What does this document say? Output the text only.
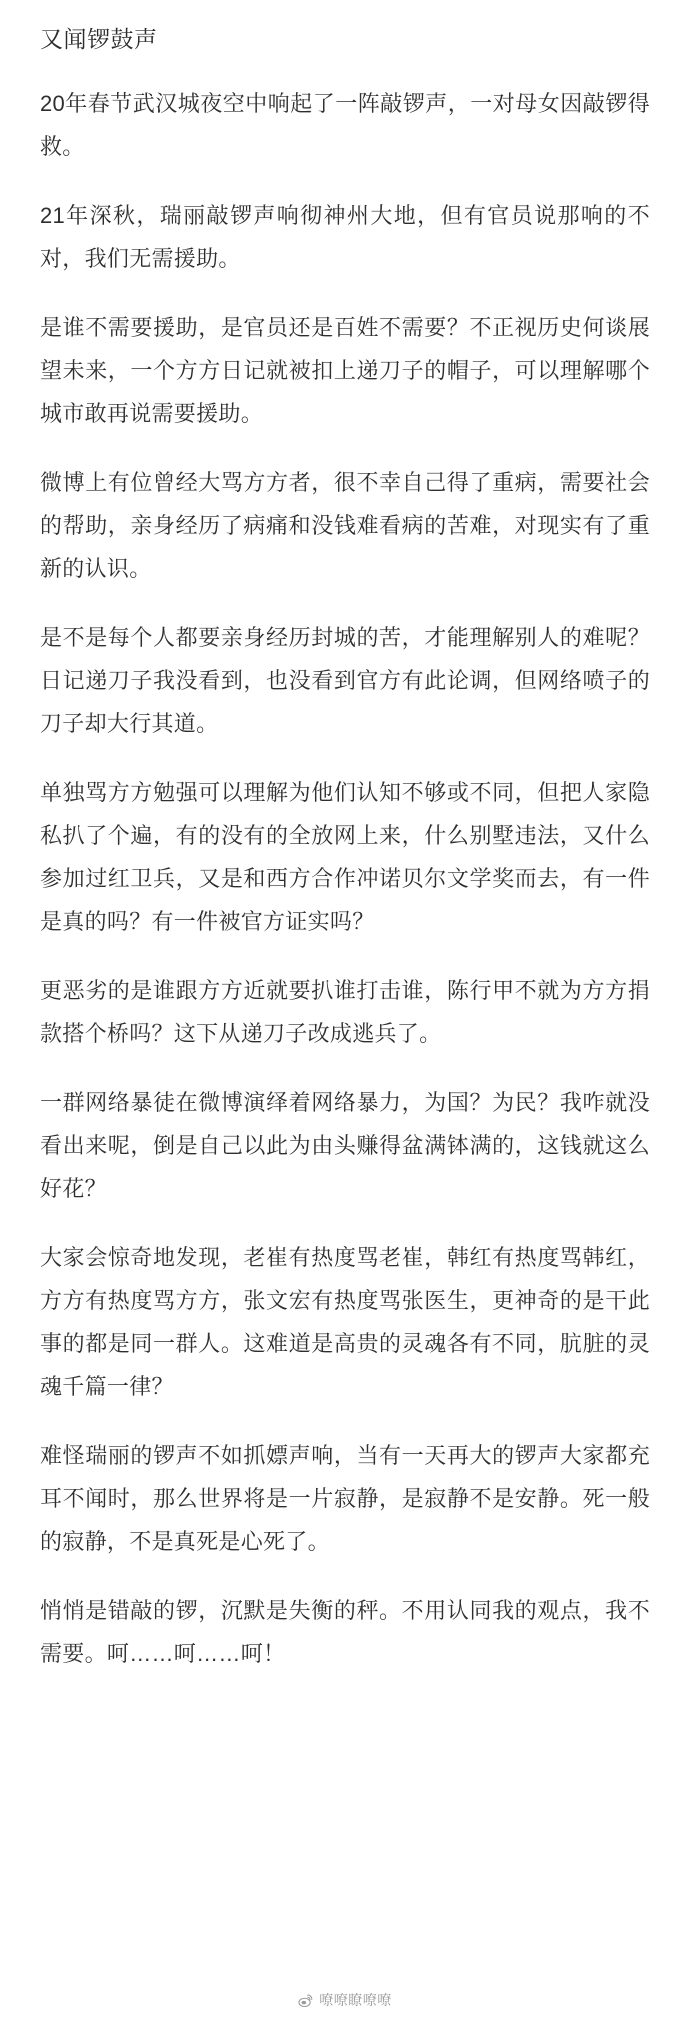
又闻锣鼓声

20年春节武汉城夜空中响起了一阵敲锣声，一对母女因敲锣得救。

21年深秋，瑞丽敲锣声响彻神州大地，但有官员说那响的不对，我们无需援助。

是谁不需要援助，是官员还是百姓不需要？不正视历史何谈展望未来，一个方方日记就被扣上递刀子的帽子，可以理解哪个城市敢再说需要援助。

微博上有位曾经大骂方方者，很不幸自己得了重病，需要社会的帮助，亲身经历了病痛和没钱难看病的苦难，对现实有了重新的认识。

是不是每个人都要亲身经历封城的苦，才能理解别人的难呢？日记递刀子我没看到，也没看到官方有此论调，但网络喷子的刀子却大行其道。

单独骂方方勉强可以理解为他们认知不够或不同，但把人家隐私扒了个遍，有的没有的全放网上来，什么别墅违法，又什么参加过红卫兵，又是和西方合作冲诺贝尔文学奖而去，有一件是真的吗？有一件被官方证实吗？

更恶劣的是谁跟方方近就要扒谁打击谁，陈行甲不就为方方捐款搭个桥吗？这下从递刀子改成逃兵了。

一群网络暴徒在微博演绎着网络暴力，为国？为民？我咋就没看出来呢，倒是自己以此为由头赚得盆满钵满的，这钱就这么好花？

大家会惊奇地发现，老崔有热度骂老崔，韩红有热度骂韩红，方方有热度骂方方，张文宏有热度骂张医生，更神奇的是干此事的都是同一群人。这难道是高贵的灵魂各有不同，肮脏的灵魂千篇一律？

难怪瑞丽的锣声不如抓嫖声响，当有一天再大的锣声大家都充耳不闻时，那么世界将是一片寂静，是寂静不是安静。死一般的寂静，不是真死是心死了。

悄悄是错敲的锣，沉默是失衡的秤。不用认同我的观点，我不需要。呵……呵……呵！

嘹嘹瞭嘹嘹
